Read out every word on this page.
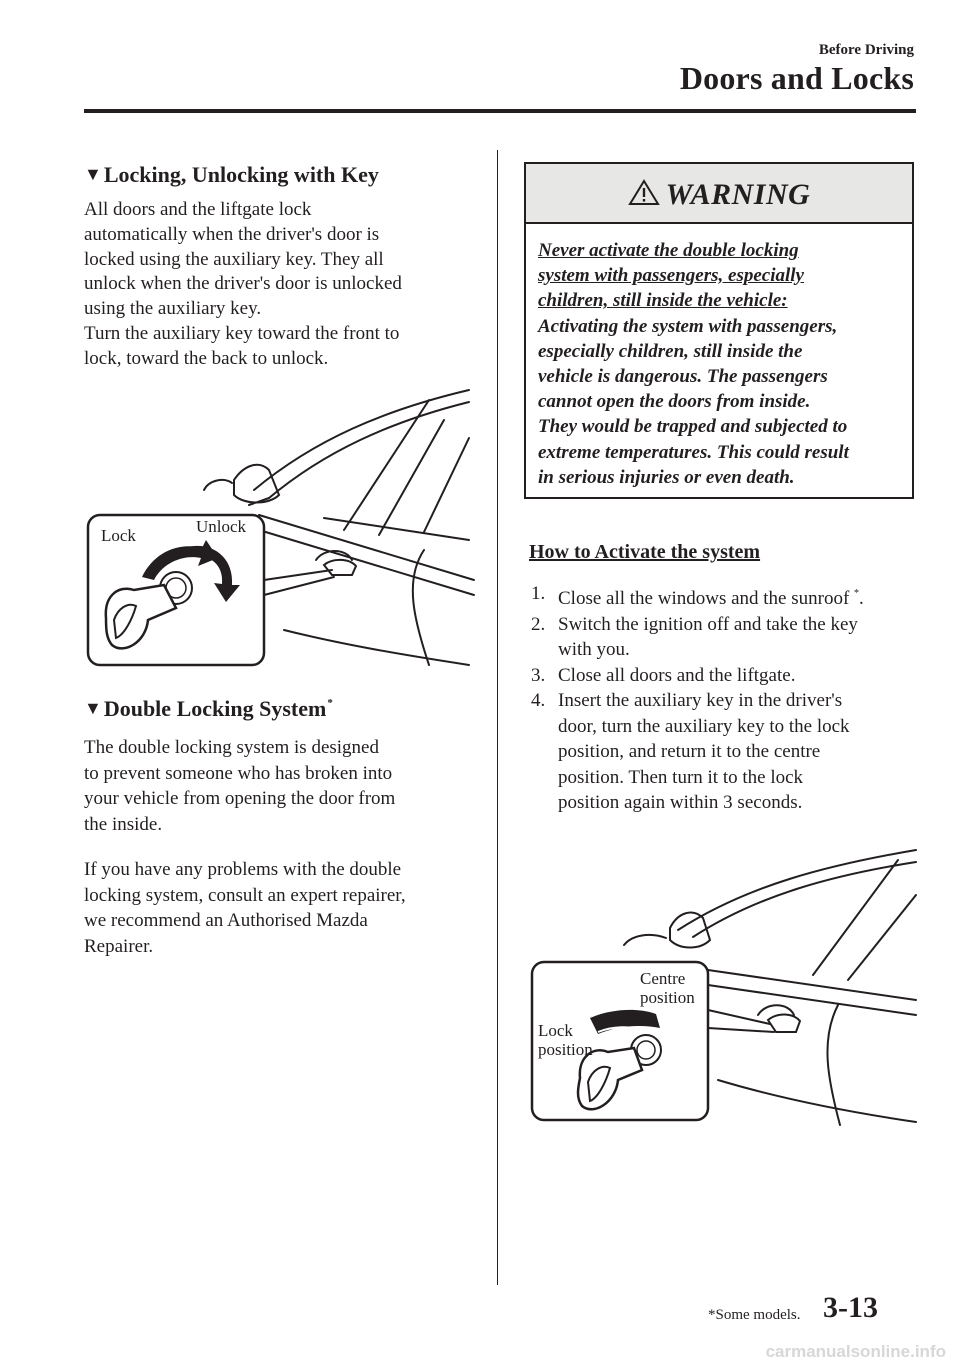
Before Driving
Doors and Locks
▼Locking, Unlocking with Key
All doors and the liftgate lock
automatically when the driver's door is
locked using the auxiliary key. They all
unlock when the driver's door is unlocked
using the auxiliary key.
Turn the auxiliary key toward the front to
lock, toward the back to unlock.
Lock	Unlock
▼Double Locking System*
The double locking system is designed
to prevent someone who has broken into
your vehicle from opening the door from
the inside.
If you have any problems with the double
locking system, consult an expert repairer,
we recommend an Authorised Mazda
Repairer.
WARNING
Never activate the double locking
system with passengers, especially
children, still inside the vehicle:
Activating the system with passengers,
especially children, still inside the
vehicle is dangerous. The passengers
cannot open the doors from inside.
They would be trapped and subjected to
extreme temperatures. This could result
in serious injuries or even death.
How to Activate the system
1. Close all the windows and the sunroof *.
2. Switch the ignition off and take the key
with you.
3. Close all doors and the liftgate.
4. Insert the auxiliary key in the driver's
door, turn the auxiliary key to the lock
position, and return it to the centre
position. Then turn it to the lock
position again within 3 seconds.
Centre
position
Lock
position
*Some models. 3-13
carmanualsonline.info
